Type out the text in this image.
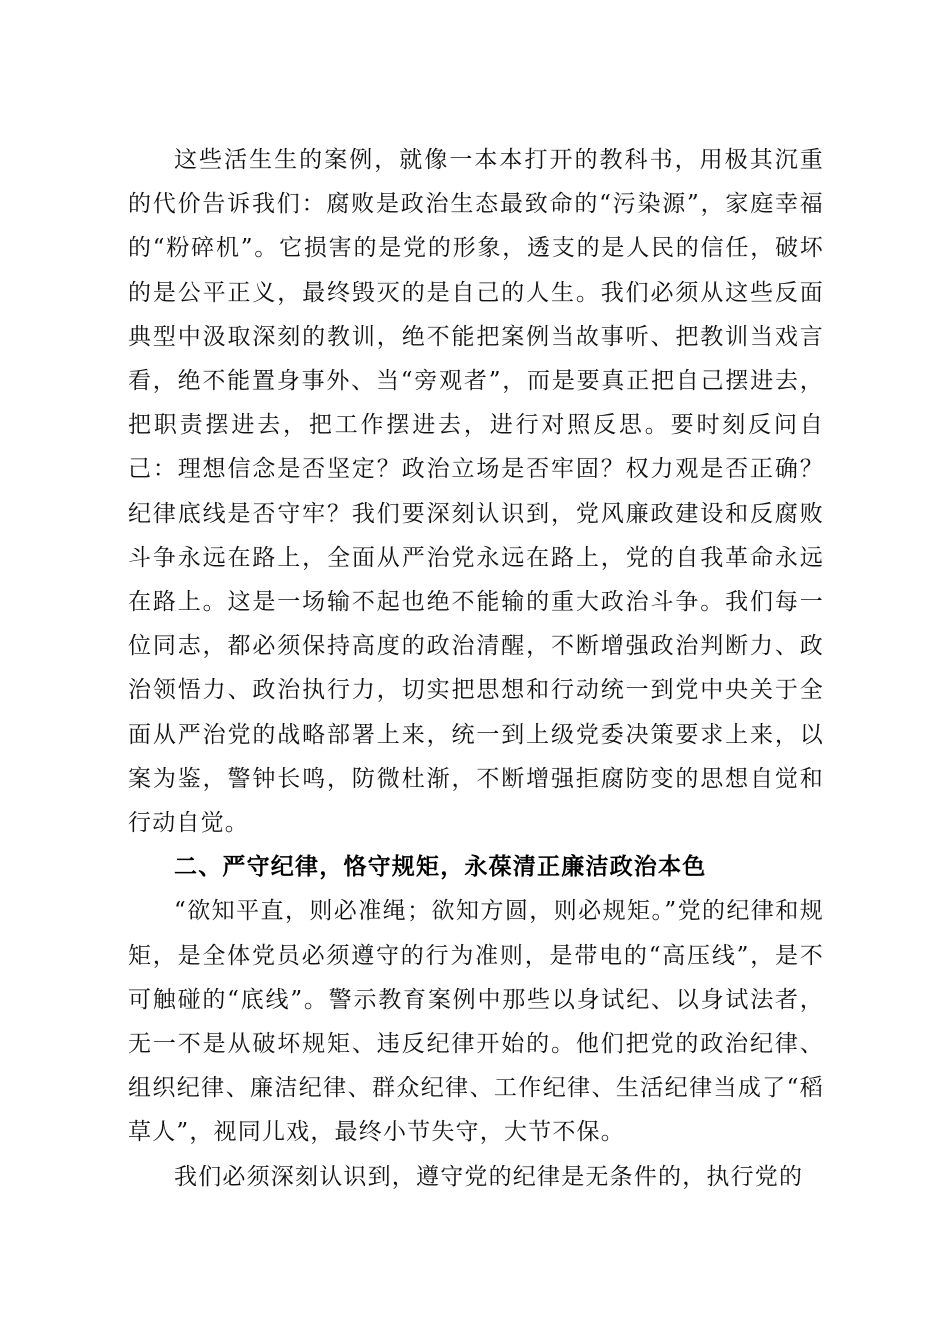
这些活生生的案例，就像一本本打开的教科书，用极其沉重的代价告诉我们：腐败是政治生态最致命的“污染源”，家庭幸福的“粉碎机”。它损害的是党的形象，透支的是人民的信任，破坏的是公平正义，最终毁灭的是自己的人生。我们必须从这些反面典型中汲取深刻的教训，绝不能把案例当故事听、把教训当戏言看，绝不能置身事外、当“旁观者”，而是要真正把自己摆进去，把职责摆进去，把工作摆进去，进行对照反思。要时刻反问自己：理想信念是否坚定？政治立场是否牢固？权力观是否正确？纪律底线是否守牢？我们要深刻认识到，党风廉政建设和反腐败斗争永远在路上，全面从严治党永远在路上，党的自我革命永远在路上。这是一场输不起也绝不能输的重大政治斗争。我们每一位同志，都必须保持高度的政治清醒，不断增强政治判断力、政治领悟力、政治执行力，切实把思想和行动统一到党中央关于全面从严治党的战略部署上来，统一到上级党委决策要求上来，以案为鉴，警钟长鸣，防微杜渐，不断增强拒腐防变的思想自觉和行动自觉。

二、严守纪律，恪守规矩，永葆清正廉洁政治本色

“欲知平直，则必准绳；欲知方圆，则必规矩。”党的纪律和规矩，是全体党员必须遵守的行为准则，是带电的“高压线”，是不可触碰的“底线”。警示教育案例中那些以身试纪、以身试法者，无一不是从破坏规矩、违反纪律开始的。他们把党的政治纪律、组织纪律、廉洁纪律、群众纪律、工作纪律、生活纪律当成了“稻草人”，视同儿戏，最终小节失守，大节不保。

我们必须深刻认识到，遵守党的纪律是无条件的，执行党的
